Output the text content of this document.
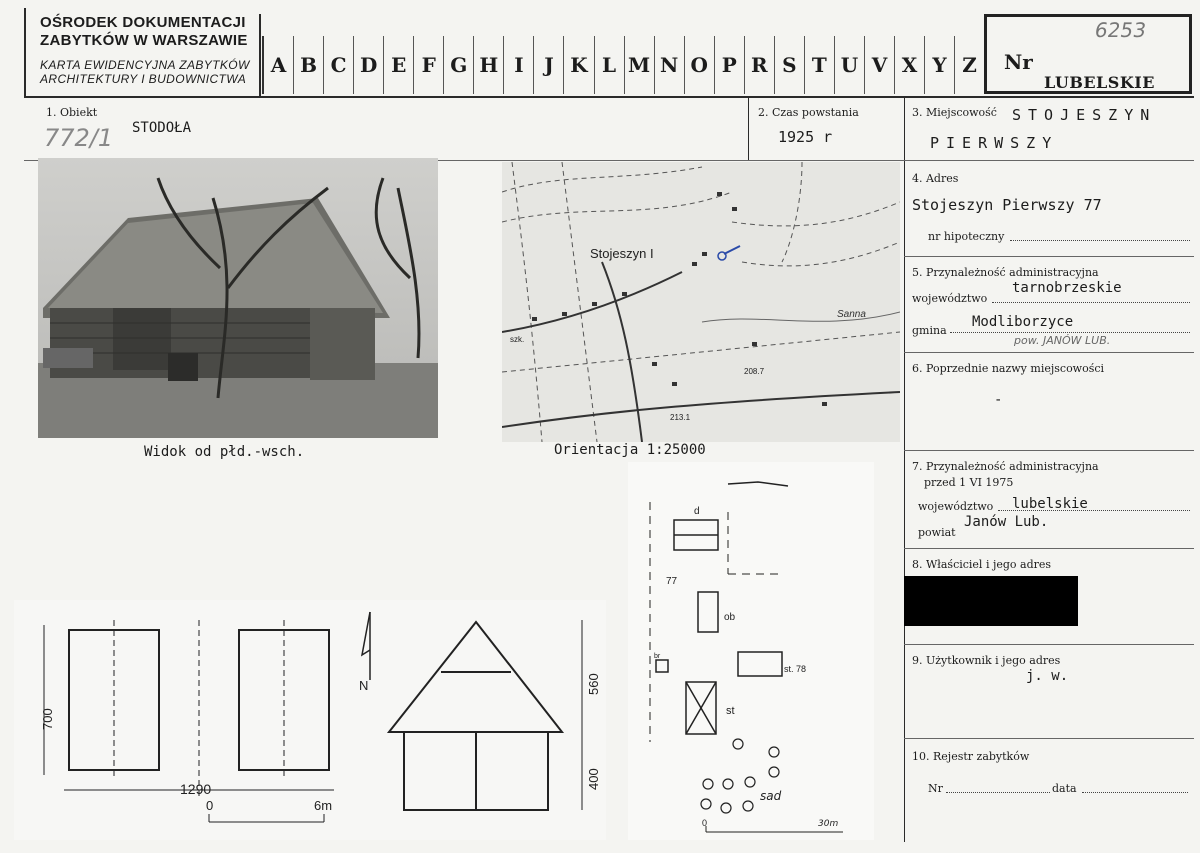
OŚRODEK DOKUMENTACJI
ZABYTKÓW W WARSZAWIE
KARTA EWIDENCYJNA ZABYTKÓW
ARCHITEKTURY I BUDOWNICTWA
A B C D E F G H I	J K L M N O P R S T U V X Y Z	Nr
LUBELSKIE
6253
1. Obiekt
STODOŁA
772/1
2. Czas powstania
1925 r
3. Miejscowość STOJESZYN
PIERWSZY
4. Adres
Stojeszyn Pierwszy 77
nr hipoteczny
5. Przynależność administracyjna
województwo
tarnobrzeskie
gmina
Modliborzyce
pow. JANÓW LUB.
6. Poprzednie nazwy miejscowości
-
7. Przynależność administracyjna
przed 1 VI 1975
województwo lubelskie
powiat
Janów Lub.
8. Właściciel i jego adres
9. Użytkownik i jego adres
j. w.
10. Rejestr zabytków
Nr	data
Widok od płd.-wsch.
Stojeszyn I
Sanna
208.7
213.1
szk.
Orientacja 1:25000
700
1290
0	6m
N	560
400
d
77
ob
br
st. 78
st
sad
0	30m
